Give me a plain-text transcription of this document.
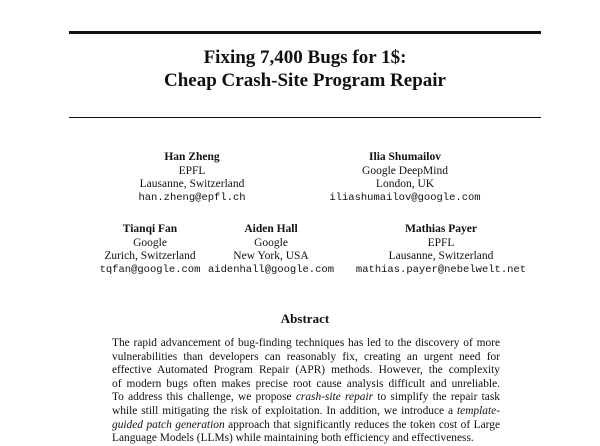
Fixing 7,400 Bugs for 1$:
Cheap Crash-Site Program Repair
Han Zheng
EPFL
Lausanne, Switzerland
han.zheng@epfl.ch
Ilia Shumailov
Google DeepMind
London, UK
iliashumailov@google.com
Tianqi Fan
Google
Zurich, Switzerland
tqfan@google.com
Aiden Hall
Google
New York, USA
aidenhall@google.com
Mathias Payer
EPFL
Lausanne, Switzerland
mathias.payer@nebelwelt.net
Abstract
The rapid advancement of bug-finding techniques has led to the discovery of more
vulnerabilities than developers can reasonably fix, creating an urgent need for
effective Automated Program Repair (APR) methods. However, the complexity
of modern bugs often makes precise root cause analysis difficult and unreliable.
To address this challenge, we propose crash-site repair to simplify the repair task
while still mitigating the risk of exploitation. In addition, we introduce a template-
guided patch generation approach that significantly reduces the token cost of Large
Language Models (LLMs) while maintaining both efficiency and effectiveness.
